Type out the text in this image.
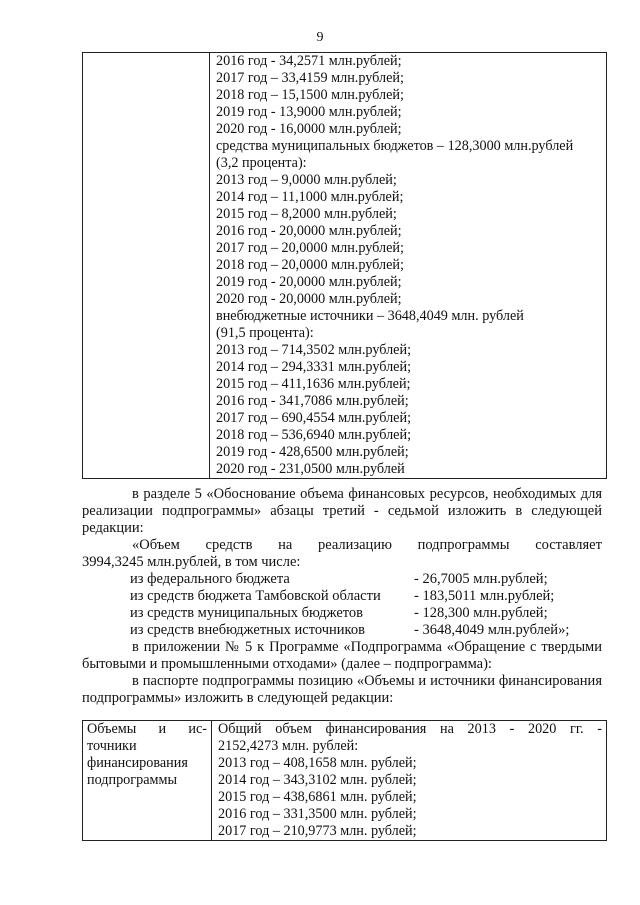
9

2016 год - 34,2571 млн.рублей;
2017 год – 33,4159 млн.рублей;
2018 год – 15,1500 млн.рублей;
2019 год - 13,9000 млн.рублей;
2020 год - 16,0000 млн.рублей;
средства муниципальных бюджетов – 128,3000 млн.рублей
(3,2 процента):
2013 год – 9,0000 млн.рублей;
2014 год – 11,1000 млн.рублей;
2015 год – 8,2000 млн.рублей;
2016 год - 20,0000 млн.рублей;
2017 год – 20,0000 млн.рублей;
2018 год – 20,0000 млн.рублей;
2019 год - 20,0000 млн.рублей;
2020 год - 20,0000 млн.рублей;
внебюджетные источники – 3648,4049 млн. рублей
(91,5 процента):
2013 год – 714,3502 млн.рублей;
2014 год – 294,3331 млн.рублей;
2015 год – 411,1636 млн.рублей;
2016 год - 341,7086 млн.рублей;
2017 год – 690,4554 млн.рублей;
2018 год – 536,6940 млн.рублей;
2019 год - 428,6500 млн.рублей;
2020 год - 231,0500 млн.рублей

в разделе 5 «Обоснование объема финансовых ресурсов, необходимых для реализации подпрограммы» абзацы третий - седьмой изложить в следующей редакции:

«Объем средств на реализацию подпрограммы составляет

3994,3245 млн.рублей, в том числе:

из федерального бюджета	- 26,7005 млн.рублей;
из средств бюджета Тамбовской области	- 183,5011 млн.рублей;
из средств муниципальных бюджетов	- 128,300 млн.рублей;
из средств внебюджетных источников	- 3648,4049 млн.рублей»;

в приложении № 5 к Программе «Подпрограмма «Обращение с твердыми бытовыми и промышленными отходами» (далее – подпрограмма):

в паспорте подпрограммы позицию «Объемы и источники финансирования подпрограммы» изложить в следующей редакции:

Объемы и ис-
точники
финансирования
подпрограммы

Общий объем финансирования на 2013 - 2020 гг. -
2152,4273 млн. рублей:
2013 год – 408,1658 млн. рублей;
2014 год – 343,3102 млн. рублей;
2015 год – 438,6861 млн. рублей;
2016 год – 331,3500 млн. рублей;
2017 год – 210,9773 млн. рублей;
